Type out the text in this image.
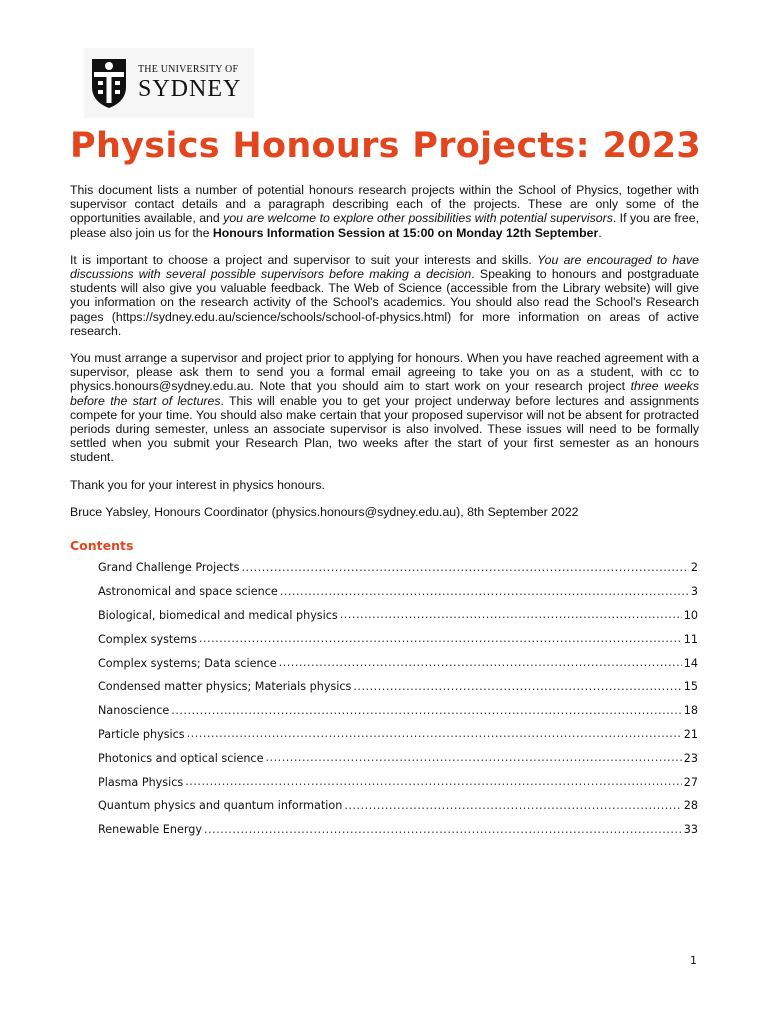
THE UNIVERSITY OF
SYDNEY
Physics Honours Projects: 2023

This document lists a number of potential honours research projects within the School of Physics, together with supervisor contact details and a paragraph describing each of the projects. These are only some of the opportunities available, and you are welcome to explore other possibilities with potential supervisors. If you are free, please also join us for the Honours Information Session at 15:00 on Monday 12th September.

It is important to choose a project and supervisor to suit your interests and skills. You are encouraged to have discussions with several possible supervisors before making a decision. Speaking to honours and postgraduate students will also give you valuable feedback. The Web of Science (accessible from the Library website) will give you information on the research activity of the School's academics. You should also read the School's Research pages (https://sydney.edu.au/science/schools/school-of-physics.html) for more information on areas of active research.

You must arrange a supervisor and project prior to applying for honours. When you have reached agreement with a supervisor, please ask them to send you a formal email agreeing to take you on as a student, with cc to physics.honours@sydney.edu.au. Note that you should aim to start work on your research project three weeks before the start of lectures. This will enable you to get your project underway before lectures and assignments compete for your time. You should also make certain that your proposed supervisor will not be absent for protracted periods during semester, unless an associate supervisor is also involved. These issues will need to be formally settled when you submit your Research Plan, two weeks after the start of your first semester as an honours student.

Thank you for your interest in physics honours.

Bruce Yabsley, Honours Coordinator (physics.honours@sydney.edu.au), 8th September 2022

Contents
Grand Challenge Projects .....	2
Astronomical and space science .....	3
Biological, biomedical and medical physics .....	10
Complex systems .....	11
Complex systems; Data science .....	14
Condensed matter physics; Materials physics .....	15
Nanoscience .....	18
Particle physics .....	21
Photonics and optical science .....	23
Plasma Physics .....	27
Quantum physics and quantum information .....	28
Renewable Energy .....	33
1
